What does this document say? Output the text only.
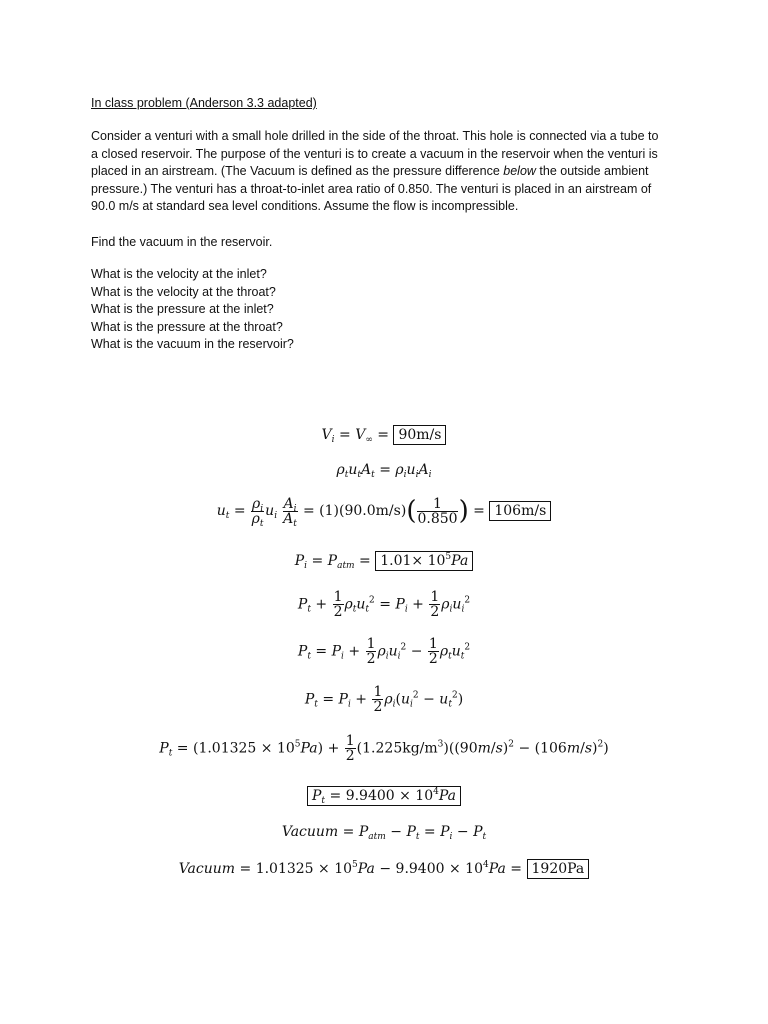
In class problem (Anderson 3.3 adapted)
Consider a venturi with a small hole drilled in the side of the throat. This hole is connected via a tube to
a closed reservoir. The purpose of the venturi is to create a vacuum in the reservoir when the venturi is
placed in an airstream. (The Vacuum is defined as the pressure difference below the outside ambient
pressure.) The venturi has a throat-to-inlet area ratio of 0.850. The venturi is placed in an airstream of
90.0 m/s at standard sea level conditions. Assume the flow is incompressible.
Find the vacuum in the reservoir.
What is the velocity at the inlet?
What is the velocity at the throat?
What is the pressure at the inlet?
What is the pressure at the throat?
What is the vacuum in the reservoir?
$V_i = V_\infty = 90m/s$
$\rho_tu_tA_t = \rho_iu_iA_i$
$u_t = \frac{\rho_i}{\rho_t} u_i \frac{A_i}{A_t} = (1)(90.0m/s)( \frac{1}{0.850}$ ) = 106m/s
$P_i = P_{atm} = 1.01\times 10^5Pa$
$P_t + \frac{1}{2} \rho_tu_t^2 = P_i + \frac{1}{2} \rho_iu_i^2$
$P_t = P_i + \frac{1}{2} \rho_iu_i^2 - \frac{1}{2} \rho_tu_t^2$
$P_t = P_i + \frac{1}{2} \rho_i(u_i^2 - u_t^2)$
$P_t = (1.01325 \times 10^5Pa) + \frac{1}{2} (1.225kg/m^3)((90m/s)^2 - (106m/s)^2)$
$P_t = 9.9400 \times 10^4Pa$
Vacuum = $P_{atm} - P_t = P_i - P_t$
Vacuum = $1.01325 \times 10^5Pa - 9.9400 \times 10^4Pa = 1920Pa$
